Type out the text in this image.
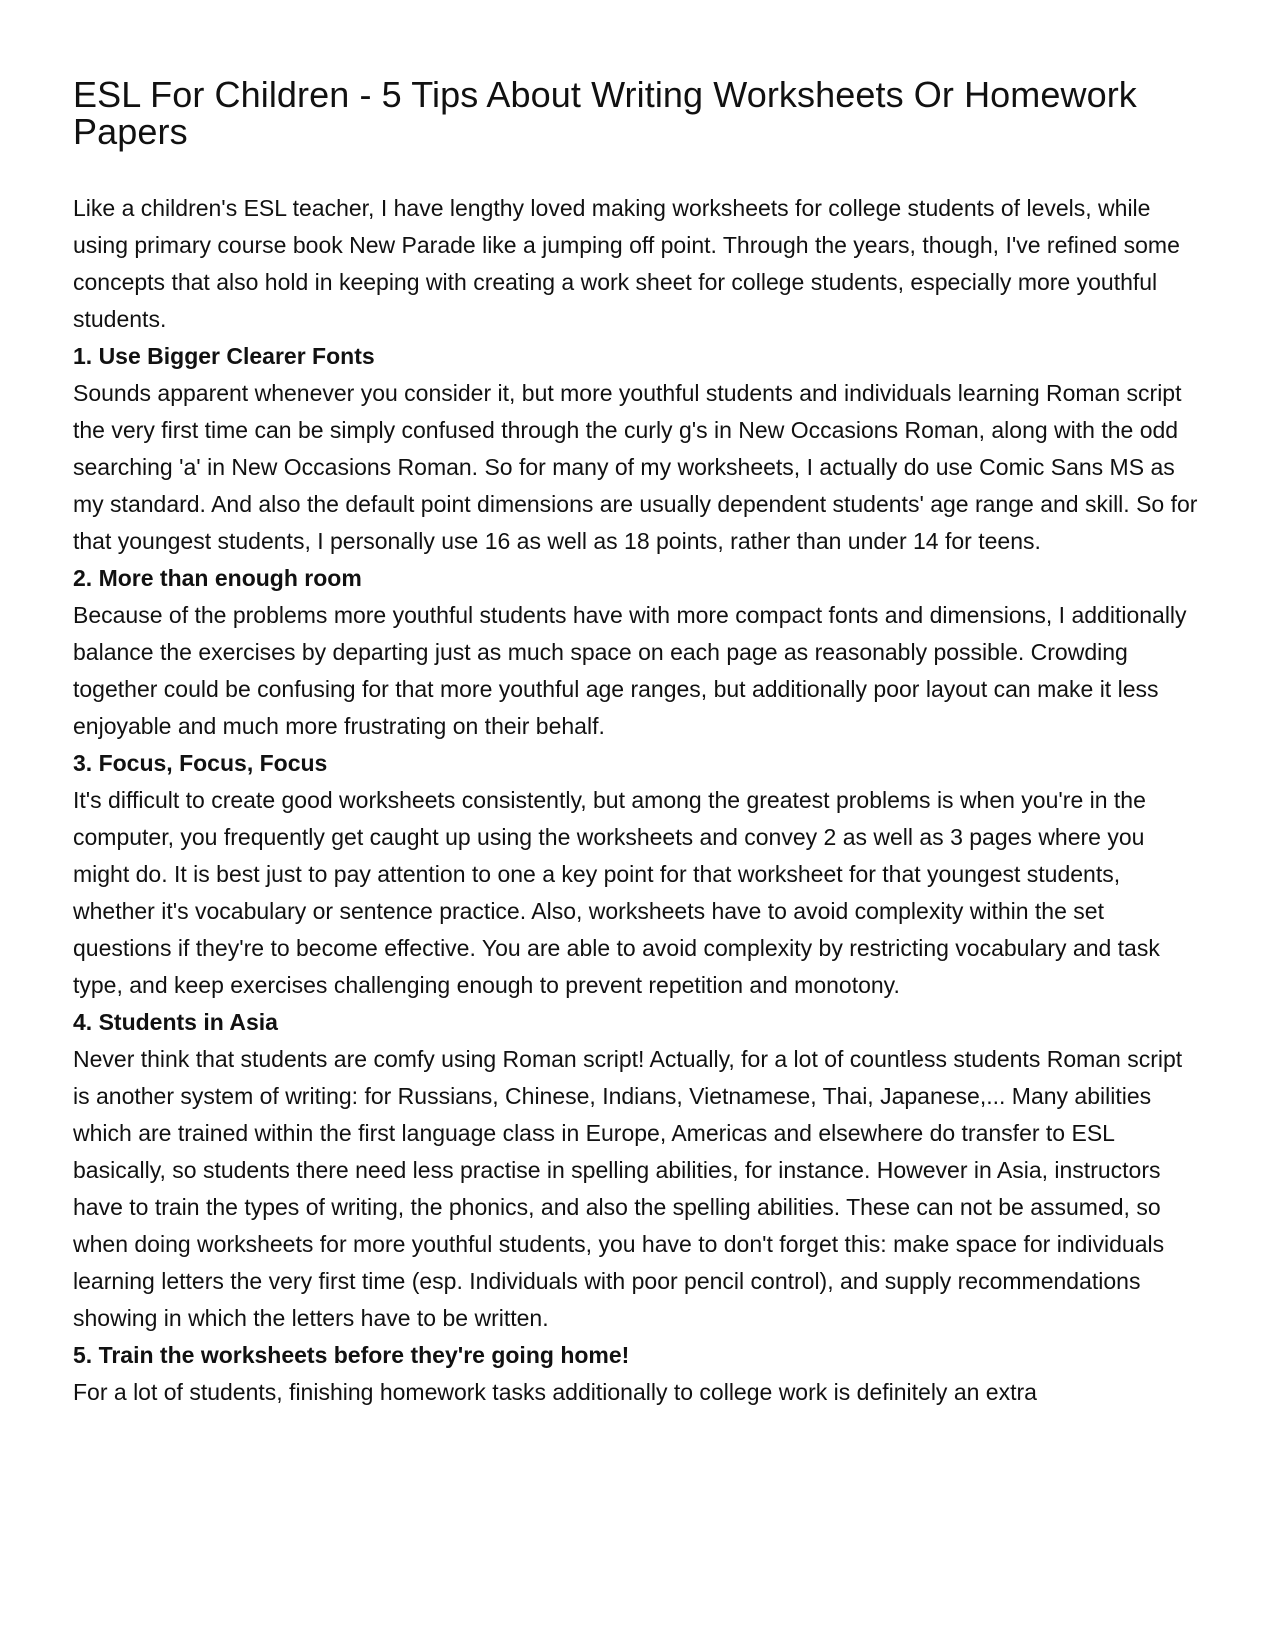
ESL For Children - 5 Tips About Writing Worksheets Or Homework Papers

Like a children's ESL teacher, I have lengthy loved making worksheets for college students of levels, while using primary course book New Parade like a jumping off point. Through the years, though, I've refined some concepts that also hold in keeping with creating a work sheet for college students, especially more youthful students.

1. Use Bigger Clearer Fonts

Sounds apparent whenever you consider it, but more youthful students and individuals learning Roman script the very first time can be simply confused through the curly g's in New Occasions Roman, along with the odd searching 'a' in New Occasions Roman. So for many of my worksheets, I actually do use Comic Sans MS as my standard. And also the default point dimensions are usually dependent students' age range and skill. So for that youngest students, I personally use 16 as well as 18 points, rather than under 14 for teens.

2. More than enough room

Because of the problems more youthful students have with more compact fonts and dimensions, I additionally balance the exercises by departing just as much space on each page as reasonably possible. Crowding together could be confusing for that more youthful age ranges, but additionally poor layout can make it less enjoyable and much more frustrating on their behalf.

3. Focus, Focus, Focus

It's difficult to create good worksheets consistently, but among the greatest problems is when you're in the computer, you frequently get caught up using the worksheets and convey 2 as well as 3 pages where you might do. It is best just to pay attention to one a key point for that worksheet for that youngest students, whether it's vocabulary or sentence practice. Also, worksheets have to avoid complexity within the set questions if they're to become effective. You are able to avoid complexity by restricting vocabulary and task type, and keep exercises challenging enough to prevent repetition and monotony.

4. Students in Asia

Never think that students are comfy using Roman script! Actually, for a lot of countless students Roman script is another system of writing: for Russians, Chinese, Indians, Vietnamese, Thai, Japanese,... Many abilities which are trained within the first language class in Europe, Americas and elsewhere do transfer to ESL basically, so students there need less practise in spelling abilities, for instance. However in Asia, instructors have to train the types of writing, the phonics, and also the spelling abilities. These can not be assumed, so when doing worksheets for more youthful students, you have to don't forget this: make space for individuals learning letters the very first time (esp. Individuals with poor pencil control), and supply recommendations showing in which the letters have to be written.

5. Train the worksheets before they're going home!

For a lot of students, finishing homework tasks additionally to college work is definitely an extra
